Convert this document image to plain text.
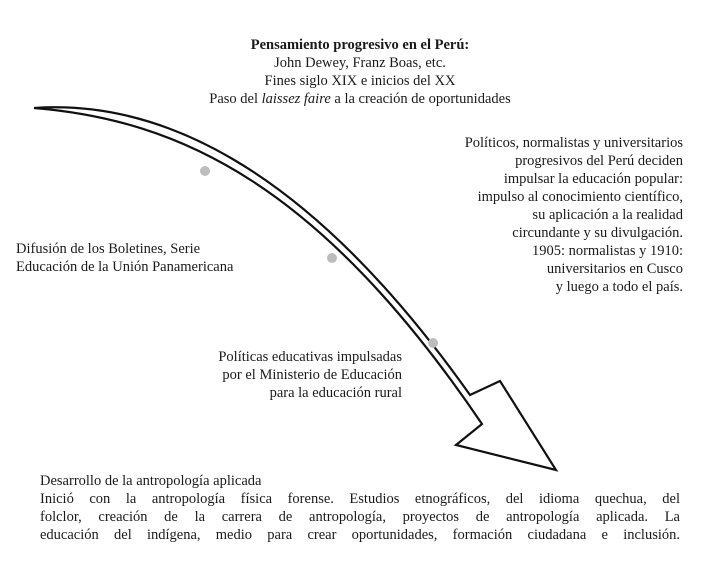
Pensamiento progresivo en el Perú:
John Dewey, Franz Boas, etc.
Fines siglo XIX e inicios del XX
Paso del laissez faire a la creación de oportunidades
Políticos, normalistas y universitarios
progresivos del Perú deciden
impulsar la educación popular:
impulso al conocimiento científico,
su aplicación a la realidad
circundante y su divulgación.
1905: normalistas y 1910:
universitarios en Cusco
y luego a todo el país.
Difusión de los Boletines, Serie
Educación de la Unión Panamericana
Políticas educativas impulsadas
por el Ministerio de Educación
para la educación rural
Desarrollo de la antropología aplicada
Inició con la antropología física forense. Estudios etnográficos, del idioma quechua, del
folclor, creación de la carrera de antropología, proyectos de antropología aplicada. La
educación del indígena, medio para crear oportunidades, formación ciudadana e inclusión.
